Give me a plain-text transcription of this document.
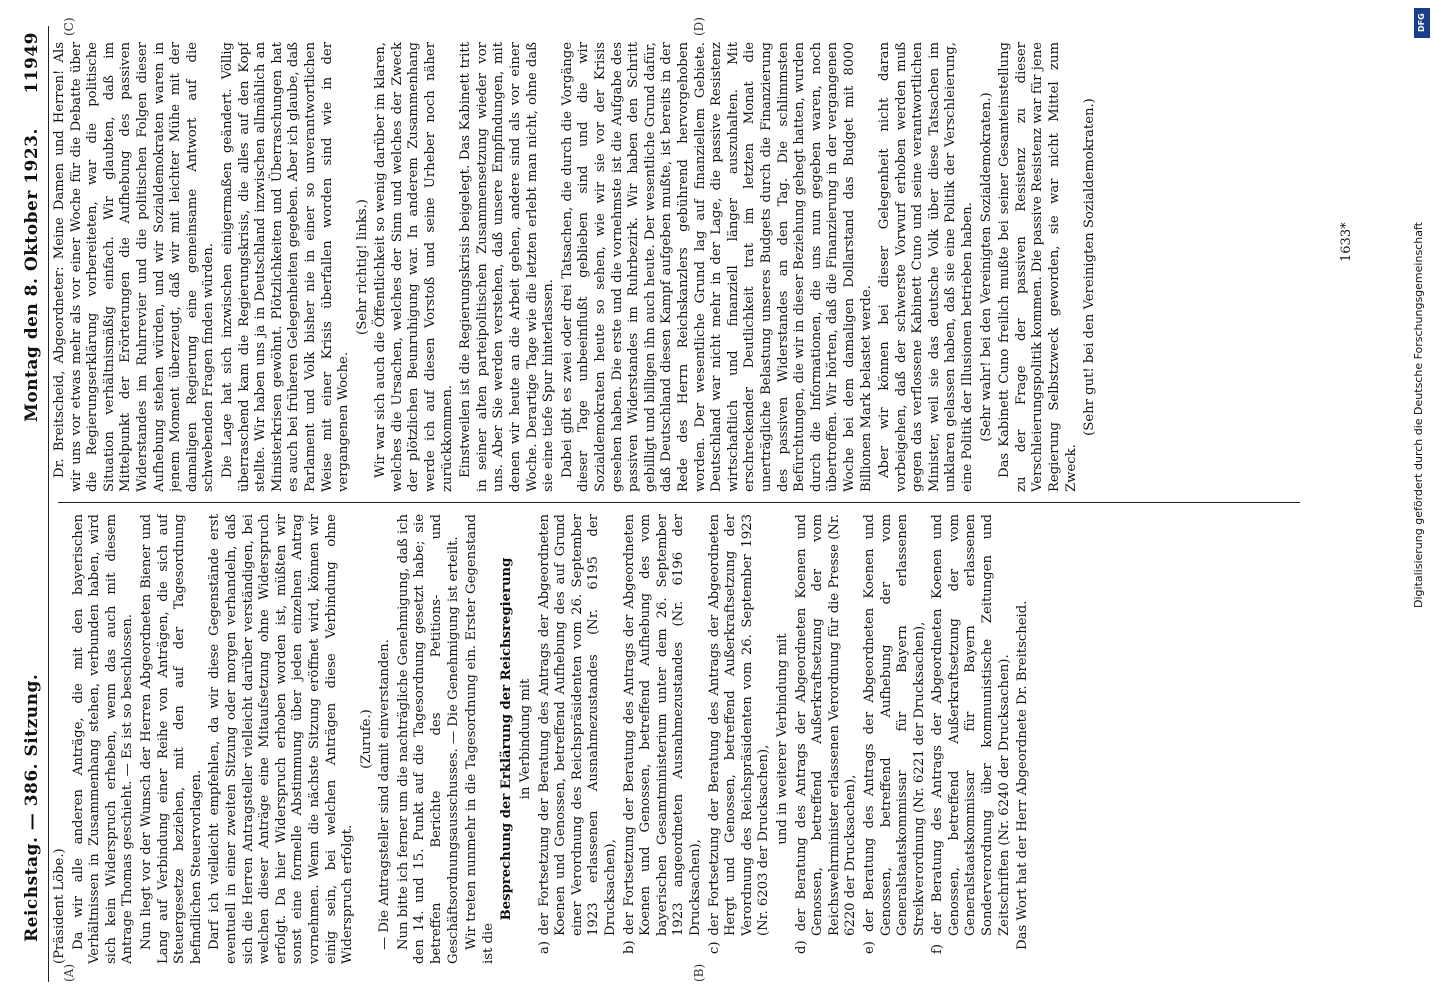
Reichstag. — 386. Sitzung.
Montag den 8. Oktober 1923.
11949
(A)	(B)
(C)	(D)

(Präsident Löbe.) Da wir alle anderen Anträge, die mit den bayerischen Verhältnissen in Zusammenhang stehen, verbunden haben, wird sich kein Widerspruch erheben, wenn das auch mit diesem Antrage Thomas geschieht. — Es ist so beschlossen. Nun liegt vor der Wunsch der Herren Abgeordneten Biener und Lang auf Verbindung einer Reihe von Anträgen, die sich auf Steuergesetze beziehen, mit den auf der Tagesordnung befindlichen Steuervorlagen. Darf ich vielleicht empfehlen, da wir diese Gegenstände erst eventuell in einer zweiten Sitzung oder morgen verhandeln, daß sich die Herren Antragsteller vielleicht darüber verständigen, bei welchen dieser Anträge eine Mitaufsetzung ohne Widerspruch erfolgt. Da hier Widerspruch erhoben worden ist, müßten wir sonst eine formelle Abstimmung über jeden einzelnen Antrag vornehmen. Wenn die nächste Sitzung eröffnet wird, können wir einig sein, bei welchen Anträgen diese Verbindung ohne Widerspruch erfolgt.

(Zurufe.) — Die Antragsteller sind damit einverstanden. Nun bitte ich ferner um die nachträgliche Genehmigung, daß ich den 14. und 15. Punkt auf die Tagesordnung gesetzt habe; sie betreffen Berichte des Petitions- und Geschäftsordnungsausschusses. — Die Genehmigung ist erteilt. Wir treten nunmehr in die Tagesordnung ein. Erster Gegenstand ist die

Besprechung der Erklärung der Reichsregierung in Verbindung mit a) der Fortsetzung der Beratung des Antrags der Abgeordneten Koenen und Genossen, betreffend Aufhebung des auf Grund einer Verordnung des Reichspräsidenten vom 26. September 1923 erlassenen Ausnahmezustandes (Nr. 6195 der Drucksachen), b) der Fortsetzung der Beratung des Antrags der Abgeordneten Koenen und Genossen, betreffend Aufhebung des vom bayerischen Gesamtministerium unter dem 26. September 1923 angeordneten Ausnahmezustandes (Nr. 6196 der Drucksachen), c) der Fortsetzung der Beratung des Antrags der Abgeordneten Hergt und Genossen, betreffend Außerkraftsetzung der Verordnung des Reichspräsidenten vom 26. September 1923 (Nr. 6203 der Drucksachen), und in weiterer Verbindung mit d) der Beratung des Antrags der Abgeordneten Koenen und Genossen, betreffend Außerkraftsetzung der vom Reichswehrminister erlassenen Verordnung für die Presse (Nr. 6220 der Drucksachen), e) der Beratung des Antrags der Abgeordneten Koenen und Genossen, betreffend Aufhebung der vom Generalstaatskommissar für Bayern erlassenen Streikverordnung (Nr. 6221 der Drucksachen), f) der Beratung des Antrags der Abgeordneten Koenen und Genossen, betreffend Außerkraftsetzung der vom Generalstaatskommissar für Bayern erlassenen Sonderverordnung über kommunistische Zeitungen und Zeitschriften (Nr. 6240 der Drucksachen). Das Wort hat der Herr Abgeordnete Dr. Breitscheid.

Dr. Breitscheid, Abgeordneter: Meine Damen und Herren! Als wir uns vor etwas mehr als vor einer Woche für die Debatte über die Regierungserklärung vorbereiteten, war die politische Situation verhältnismäßig einfach. Wir glaubten, daß im Mittelpunkt der Erörterungen die Aufhebung des passiven Widerstandes im Ruhrrevier und die politischen Folgen dieser Aufhebung stehen würden, und wir Sozialdemokraten waren in jenem Moment überzeugt, daß wir mit leichter Mühe mit der damaligen Regierung eine gemeinsame Antwort auf die schwebenden Fragen finden würden. Die Lage hat sich inzwischen einigermaßen geändert. Völlig überraschend kam die Regierungskrisis, die alles auf den Kopf stellte. Wir haben uns ja in Deutschland inzwischen allmählich an Ministerkrisen gewöhnt. Plötzlichkeiten und Überraschungen hat es auch bei früheren Gelegenheiten gegeben. Aber ich glaube, daß Parlament und Volk bisher nie in einer so unverantwortlichen Weise mit einer Krisis überfallen worden sind wie in der vergangenen Woche.

(Sehr richtig! links.) Wir war sich auch die Öffentlichkeit so wenig darüber im klaren, welches die Ursachen, welches der Sinn und welches der Zweck der plötzlichen Beunruhigung war. In anderem Zusammenhang werde ich auf diesen Vorstoß und seine Urheber noch näher zurückkommen. Einstweilen ist die Regierungskrisis beigelegt. Das Kabinett tritt in seiner alten parteipolitischen Zusammensetzung wieder vor uns. Aber Sie werden verstehen, daß unsere Empfindungen, mit denen wir heute an die Arbeit gehen, andere sind als vor einer Woche. Derartige Tage wie die letzten erlebt man nicht, ohne daß sie eine tiefe Spur hinterlassen. Dabei gibt es zwei oder drei Tatsachen, die durch die Vorgänge dieser Tage unbeeinflußt geblieben sind und die wir Sozialdemokraten heute so sehen, wie wir sie vor der Krisis gesehen haben. Die erste und die vornehmste ist die Aufgabe des passiven Widerstandes im Ruhrbezirk. Wir haben den Schritt gebilligt und billigen ihn auch heute. Der wesentliche Grund dafür, daß Deutschland diesen Kampf aufgeben mußte, ist bereits in der Rede des Herrn Reichskanzlers gebührend hervorgehoben worden. Der wesentliche Grund lag auf finanziellem Gebiete. Deutschland war nicht mehr in der Lage, die passive Resistenz wirtschaftlich und finanziell länger auszuhalten. Mit erschreckender Deutlichkeit trat im letzten Monat die unerträgliche Belastung unseres Budgets durch die Finanzierung des passiven Widerstandes an den Tag. Die schlimmsten Befürchtungen, die wir in dieser Beziehung gehegt hatten, wurden durch die Informationen, die uns nun gegeben waren, noch übertroffen. Wir hörten, daß die Finanzierung in der vergangenen Woche bei dem damaligen Dollarstand das Budget mit 8000 Billionen Mark belastet werde. Aber wir können bei dieser Gelegenheit nicht daran vorbeigehen, daß der schwerste Vorwurf erhoben werden muß gegen das verflossene Kabinett Cuno und seine verantwortlichen Minister, weil sie das deutsche Volk über diese Tatsachen im unklaren gelassen haben, daß sie eine Politik der Verschleierung, eine Politik der Illusionen betrieben haben. (Sehr wahr! bei den Vereinigten Sozialdemokraten.) Das Kabinett Cuno freilich mußte bei seiner Gesamteinstellung zu der Frage der passiven Resistenz zu dieser Verschleierungspolitik kommen. Die passive Resistenz war für jene Regierung Selbstzweck geworden, sie war nicht Mittel zum Zweck.

(Sehr gut! bei den Vereinigten Sozialdemokraten.)	1633*
DFG
Digitalisierung gefördert durch die Deutsche Forschungsgemeinschaft
